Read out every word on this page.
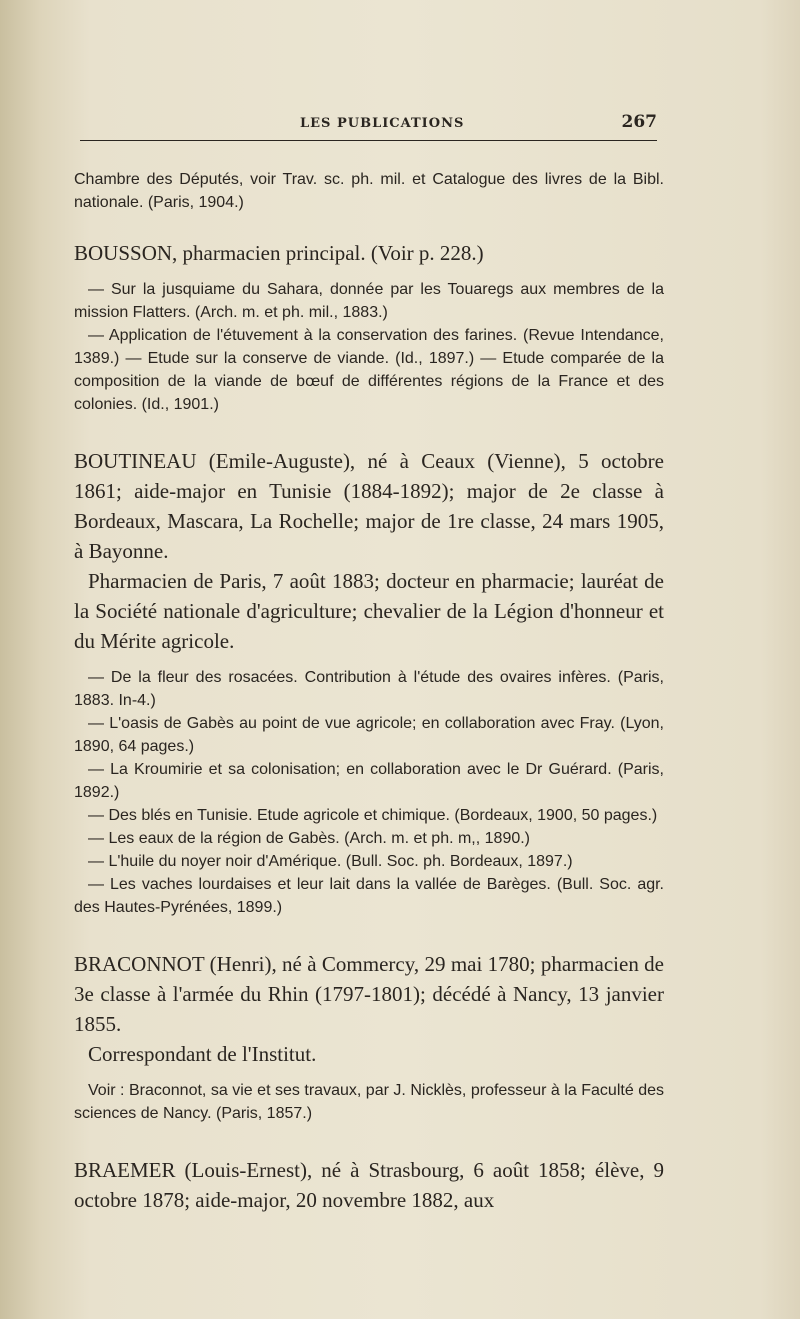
LES PUBLICATIONS	267

Chambre des Députés, voir Trav. sc. ph. mil. et Catalogue des livres de la Bibl. nationale. (Paris, 1904.)

BOUSSON, pharmacien principal. (Voir p. 228.)

— Sur la jusquiame du Sahara, donnée par les Touaregs aux membres de la mission Flatters. (Arch. m. et ph. mil., 1883.)

— Application de l'étuvement à la conservation des farines. (Revue Intendance, 1389.) — Etude sur la conserve de viande. (Id., 1897.) — Etude comparée de la composition de la viande de bœuf de différentes régions de la France et des colonies. (Id., 1901.)

BOUTINEAU (Emile-Auguste), né à Ceaux (Vienne), 5 octobre 1861; aide-major en Tunisie (1884-1892); major de 2e classe à Bordeaux, Mascara, La Rochelle; major de 1re classe, 24 mars 1905, à Bayonne.

Pharmacien de Paris, 7 août 1883; docteur en pharmacie; lauréat de la Société nationale d'agriculture; chevalier de la Légion d'honneur et du Mérite agricole.

— De la fleur des rosacées. Contribution à l'étude des ovaires infères. (Paris, 1883. In-4.)

— L'oasis de Gabès au point de vue agricole; en collaboration avec Fray. (Lyon, 1890, 64 pages.)

— La Kroumirie et sa colonisation; en collaboration avec le Dr Guérard. (Paris, 1892.)

— Des blés en Tunisie. Etude agricole et chimique. (Bordeaux, 1900, 50 pages.)

— Les eaux de la région de Gabès. (Arch. m. et ph. m,, 1890.)

— L'huile du noyer noir d'Amérique. (Bull. Soc. ph. Bordeaux, 1897.)

— Les vaches lourdaises et leur lait dans la vallée de Barèges. (Bull. Soc. agr. des Hautes-Pyrénées, 1899.)

BRACONNOT (Henri), né à Commercy, 29 mai 1780; pharmacien de 3e classe à l'armée du Rhin (1797-1801); décédé à Nancy, 13 janvier 1855.

Correspondant de l'Institut.

Voir : Braconnot, sa vie et ses travaux, par J. Nicklès, professeur à la Faculté des sciences de Nancy. (Paris, 1857.)

BRAEMER (Louis-Ernest), né à Strasbourg, 6 août 1858; élève, 9 octobre 1878; aide-major, 20 novembre 1882, aux
